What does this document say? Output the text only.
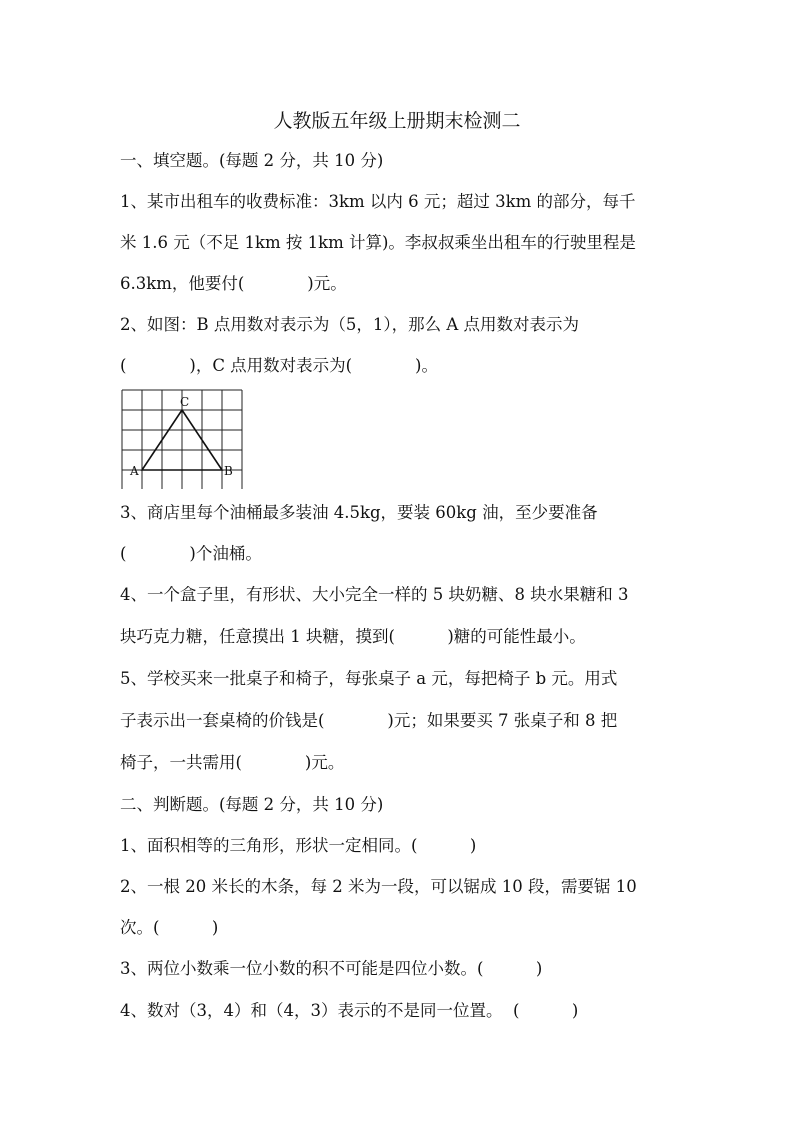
人教版五年级上册期末检测二
一、填空题。(每题 2 分，共 10 分)
1、某市出租车的收费标准：3km 以内 6 元；超过 3km 的部分，每千
米 1.6 元（不足 1km 按 1km 计算)。李叔叔乘坐出租车的行驶里程是
6.3km，他要付(            )元。
2、如图：B 点用数对表示为（5，1），那么 A 点用数对表示为
(            )，C 点用数对表示为(            )。
A	B
C
3、商店里每个油桶最多装油 4.5kg，要装 60kg 油，至少要准备
(            )个油桶。
4、一个盒子里，有形状、大小完全一样的 5 块奶糖、8 块水果糖和 3
块巧克力糖，任意摸出 1 块糖，摸到(          )糖的可能性最小。
5、学校买来一批桌子和椅子，每张桌子 a 元，每把椅子 b 元。用式
子表示出一套桌椅的价钱是(            )元；如果要买 7 张桌子和 8 把
椅子，一共需用(            )元。
二、判断题。(每题 2 分，共 10 分)
1、面积相等的三角形，形状一定相同。(          )
2、一根 20 米长的木条，每 2 米为一段，可以锯成 10 段，需要锯 10
次。(          )
3、两位小数乘一位小数的积不可能是四位小数。(          )
4、数对（3，4）和（4，3）表示的不是同一位置。  (          )
